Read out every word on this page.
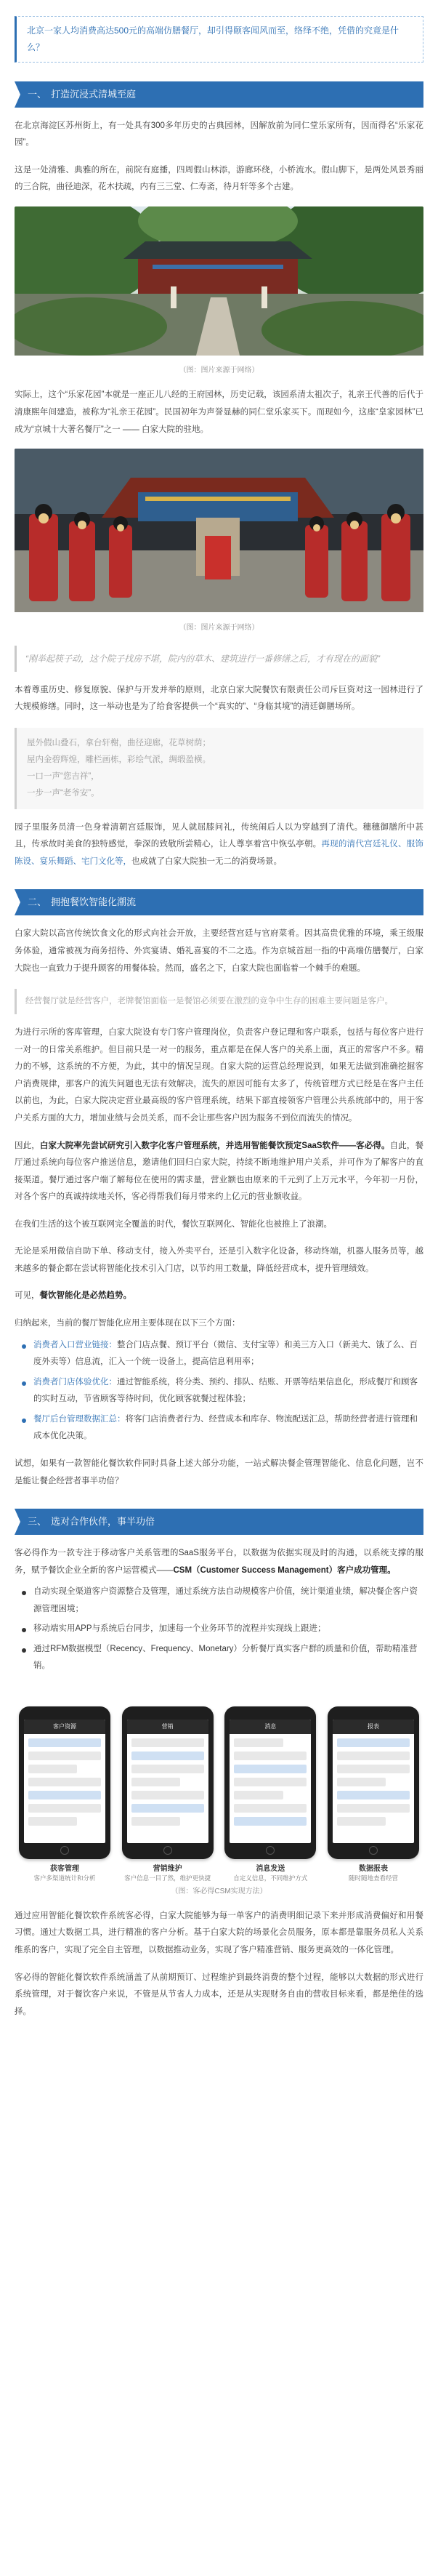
北京一家人均消费高达500元的高端仿膳餐厅，却引得颐客闻风而至，络绎不绝，凭借的究竟是什么？
一、 打造沉浸式清城至庭

在北京海淀区苏州街上，有一处具有300多年历史的古典园林，因解放前为同仁堂乐家所有，因而得名“乐家花园”。

这是一处清雅、典雅的所在，前院有庭播，四周假山林添，游廊环绕，小桥流水。假山脚下，是两处风景秀丽的三合院，曲径迪深，花木扶疏，内有三三堂、仁寿斋，待月轩等多个古建。

（图：图片来源于网络）

实际上，这个“乐家花园”本就是一座正儿八经的王府园林，历史记载，该园系清太祖次子，礼亲王代善的后代于清康熙年间建造，被称为“礼亲王花园”。民国初年为声誉显赫的同仁堂乐家买下。而现如今，这座“皇家园林”已成为“京城十大著名餐厅”之一 —— 白家大院的驻地。

（图：图片来源于网络）
“刚举起筷子动，这个院子找房不堪，院内的草木、建筑进行一番修缮之后，才有现在的面貌”

本着尊重历史、修复原貌、保护与开发并举的原则，北京白家大院餐饮有限责任公司斥巨资对这一园林进行了大规模修缮。同时，这一举动也是为了给食客提供一个“真实的”、“身临其境”的清廷御膳场所。

屋外假山叠石，拿台轩榭，曲径迎廊，花草树荫；
屋内金碧辉煌，雕栏画栋，彩绘气派，绸缎盈横。
一口一声“您吉祥”，
一步一声“老爷安”。

园子里服务员清一色身着清朝宫廷服饰，见人就屈膝问礼，传统闹后人以为穿越到了清代。穗穗御膳所中甚且，传承故时美食的独特感觉，拳深的致敬所尝精心，让人尊享着宫中恢弘亭朝。再现的清代宫廷礼仪、服饰陈设、宴乐舞蹈、宅门文化等，也成就了白家大院独一无二的消费场景。

二、 拥抱餐饮智能化潮流

白家大院以高宫传统饮食文化的形式向社会开放，主要经营宫廷与官府菜肴。因其高贵优雅的环境，乘王级服务体验，通常被视为商务招待、外宾宴请、婚礼喜宴的不二之选。作为京城首屈一指的中高端仿膳餐厅，白家大院也一直致力于提升顾客的用餐体验。然而，盛名之下，白家大院也面临着一个棘手的难题。

经营餐厅就是经营客户，老牌餐馆面临一是餐馆必须要在激烈的竞争中生存的困难主要问题是客户。

为进行示所的客库管理，白家大院设有专门客户管理岗位，负责客户登记理和客户联系，包括与每位客户进行一对一的日常关系维护。但目前只是一对一的服务，重点都是在保人客户的关系上面，真正的常客户不多。精力的不够，这系统的不方便，为此，其中的情况呈现。自家大院的运营总经理说到，如果无法做到准确挖掘客户消费规律，那客户的流失问题也无法有效解决，流失的原因可能有太多了，传统管理方式已经是在客户主任以前也，为此，白家大院决定营业最高级的客户管理系统，结果下部直接领客户管理公共系统部中的，用于客户关系方面的大力，增加业绩与会员关系，而不会让那些客户因为服务不到位而流失的情况。

因此，白家大院率先尝试研究引入数字化客户管理系统，并选用智能餐饮预定SaaS软件——客必得。自此，餐厅通过系统向每位客户推送信息，邀请他们回归白家大院，持续不断地维护用户关系，并可作为了解客户的直接渠道。餐厅通过客户端了解每位在使用的需求量，营业额也由原来的千元到了上万元水平，今年初一月份，对各个客户的真诚持续地关怀，客必得帮我们每月带来约上亿元的营业额收益。

在我们生活的这个被互联网完全覆盖的时代，餐饮互联网化、智能化也被推上了浪潮。

无论是采用微信自助下单、移动支付，接入外卖平台，还是引入数字化设备，移动终端，机器人服务员等，越来越多的餐企都在尝试将智能化技术引入门店，以节约用工数量，降低经营成本，提升管理绩效。

可见，餐饮智能化是必然趋势。

归纳起来，当前的餐厅智能化应用主要体现在以下三个方面：

消费者入口营业链接：整合门店点餐、预订平台（微信、支付宝等）和美三方入口（新美大、饿了么、百度外卖等）信息流，汇入一个统一设备上，提高信息利用率；
消费者门店体验优化：通过智能系统，将分类、预约、排队、结账、开票等结果信息化，形成餐厅和顾客的实时互动，节省顾客等待时间，优化顾客就餐过程体验；
餐厅后台管理数据汇总：将客门店消费者行为、经营成本和库存、物流配送汇总，帮助经营者进行管理和成本优化决策。

试想，如果有一款智能化餐饮软件同时具备上述大部分功能，一站式解决餐企管理智能化、信息化问题，岂不是能让餐企经营者事半功倍？

三、 选对合作伙伴，事半功倍

客必得作为一款专注于移动客户关系管理的SaaS服务平台，以数据为依据实现及时的沟通，以系统支撑的服务，赋予餐饮企业全新的客户运营模式——CSM（Customer Success Management）客户成功管理。

自动实现全渠道客户资源整合及管理，通过系统方法自动规模客户价值，统计渠道业绩，解决餐企客户资源管理困境；
移动端实用APP与系统后台同步，加速每一个业务环节的流程并实现线上跟进；
通过RFM数据模型（Recency、Frequency、Monetary）分析餐厅真实客户群的质量和价值，帮助精准营销。
客户资源	营销	消息	报表
获客管理	营销维护	消息发送	数据报表
客户多渠道统计和分析	客户信息一目了然，维护更快捷	自定义信息，不同维护方式	随时随地查看经营
（图：客必得CSM实现方法）

通过应用智能化餐饮软件系统客必得，白家大院能够为每一单客户的消费明细记录下来并形成消费偏好和用餐习惯。通过大数据工具，进行精准的客户分析。基于白家大院的场景化会员服务，原本都是靠服务员私人关系维系的客户，实现了完全自主管理，以数据推动业务，实现了客户精准营销、服务更高效的一体化管理。

客必得的智能化餐饮软件系统涵盖了从前期预订、过程维护到最终消费的整个过程，能够以大数据的形式进行系统管理，对于餐饮客户来说，不管是从节省人力成本，还是从实现财务自由的营收目标来看，都是绝佳的选择。
